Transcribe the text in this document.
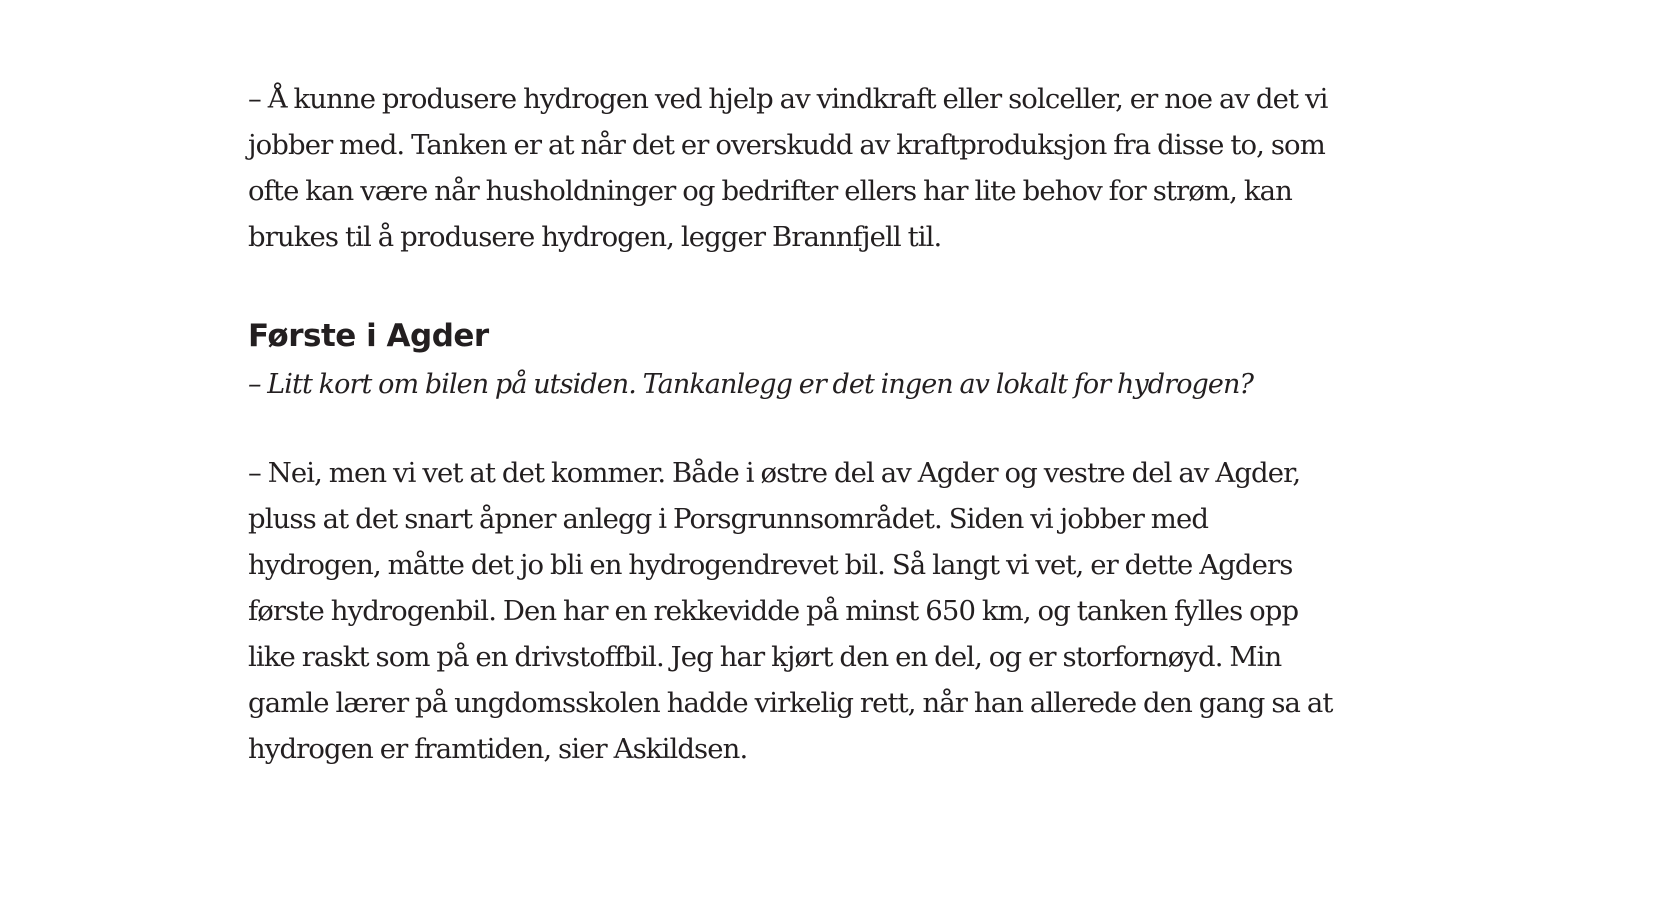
– Å kunne produsere hydrogen ved hjelp av vindkraft eller solceller, er noe av det vi
jobber med. Tanken er at når det er overskudd av kraftproduksjon fra disse to, som
ofte kan være når husholdninger og bedrifter ellers har lite behov for strøm, kan
brukes til å produsere hydrogen, legger Brannfjell til.

Første i Agder

– Litt kort om bilen på utsiden. Tankanlegg er det ingen av lokalt for hydrogen?

– Nei, men vi vet at det kommer. Både i østre del av Agder og vestre del av Agder,
pluss at det snart åpner anlegg i Porsgrunnsområdet. Siden vi jobber med
hydrogen, måtte det jo bli en hydrogendrevet bil. Så langt vi vet, er dette Agders
første hydrogenbil. Den har en rekkevidde på minst 650 km, og tanken fylles opp
like raskt som på en drivstoffbil. Jeg har kjørt den en del, og er storfornøyd. Min
gamle lærer på ungdomsskolen hadde virkelig rett, når han allerede den gang sa at
hydrogen er framtiden, sier Askildsen.
